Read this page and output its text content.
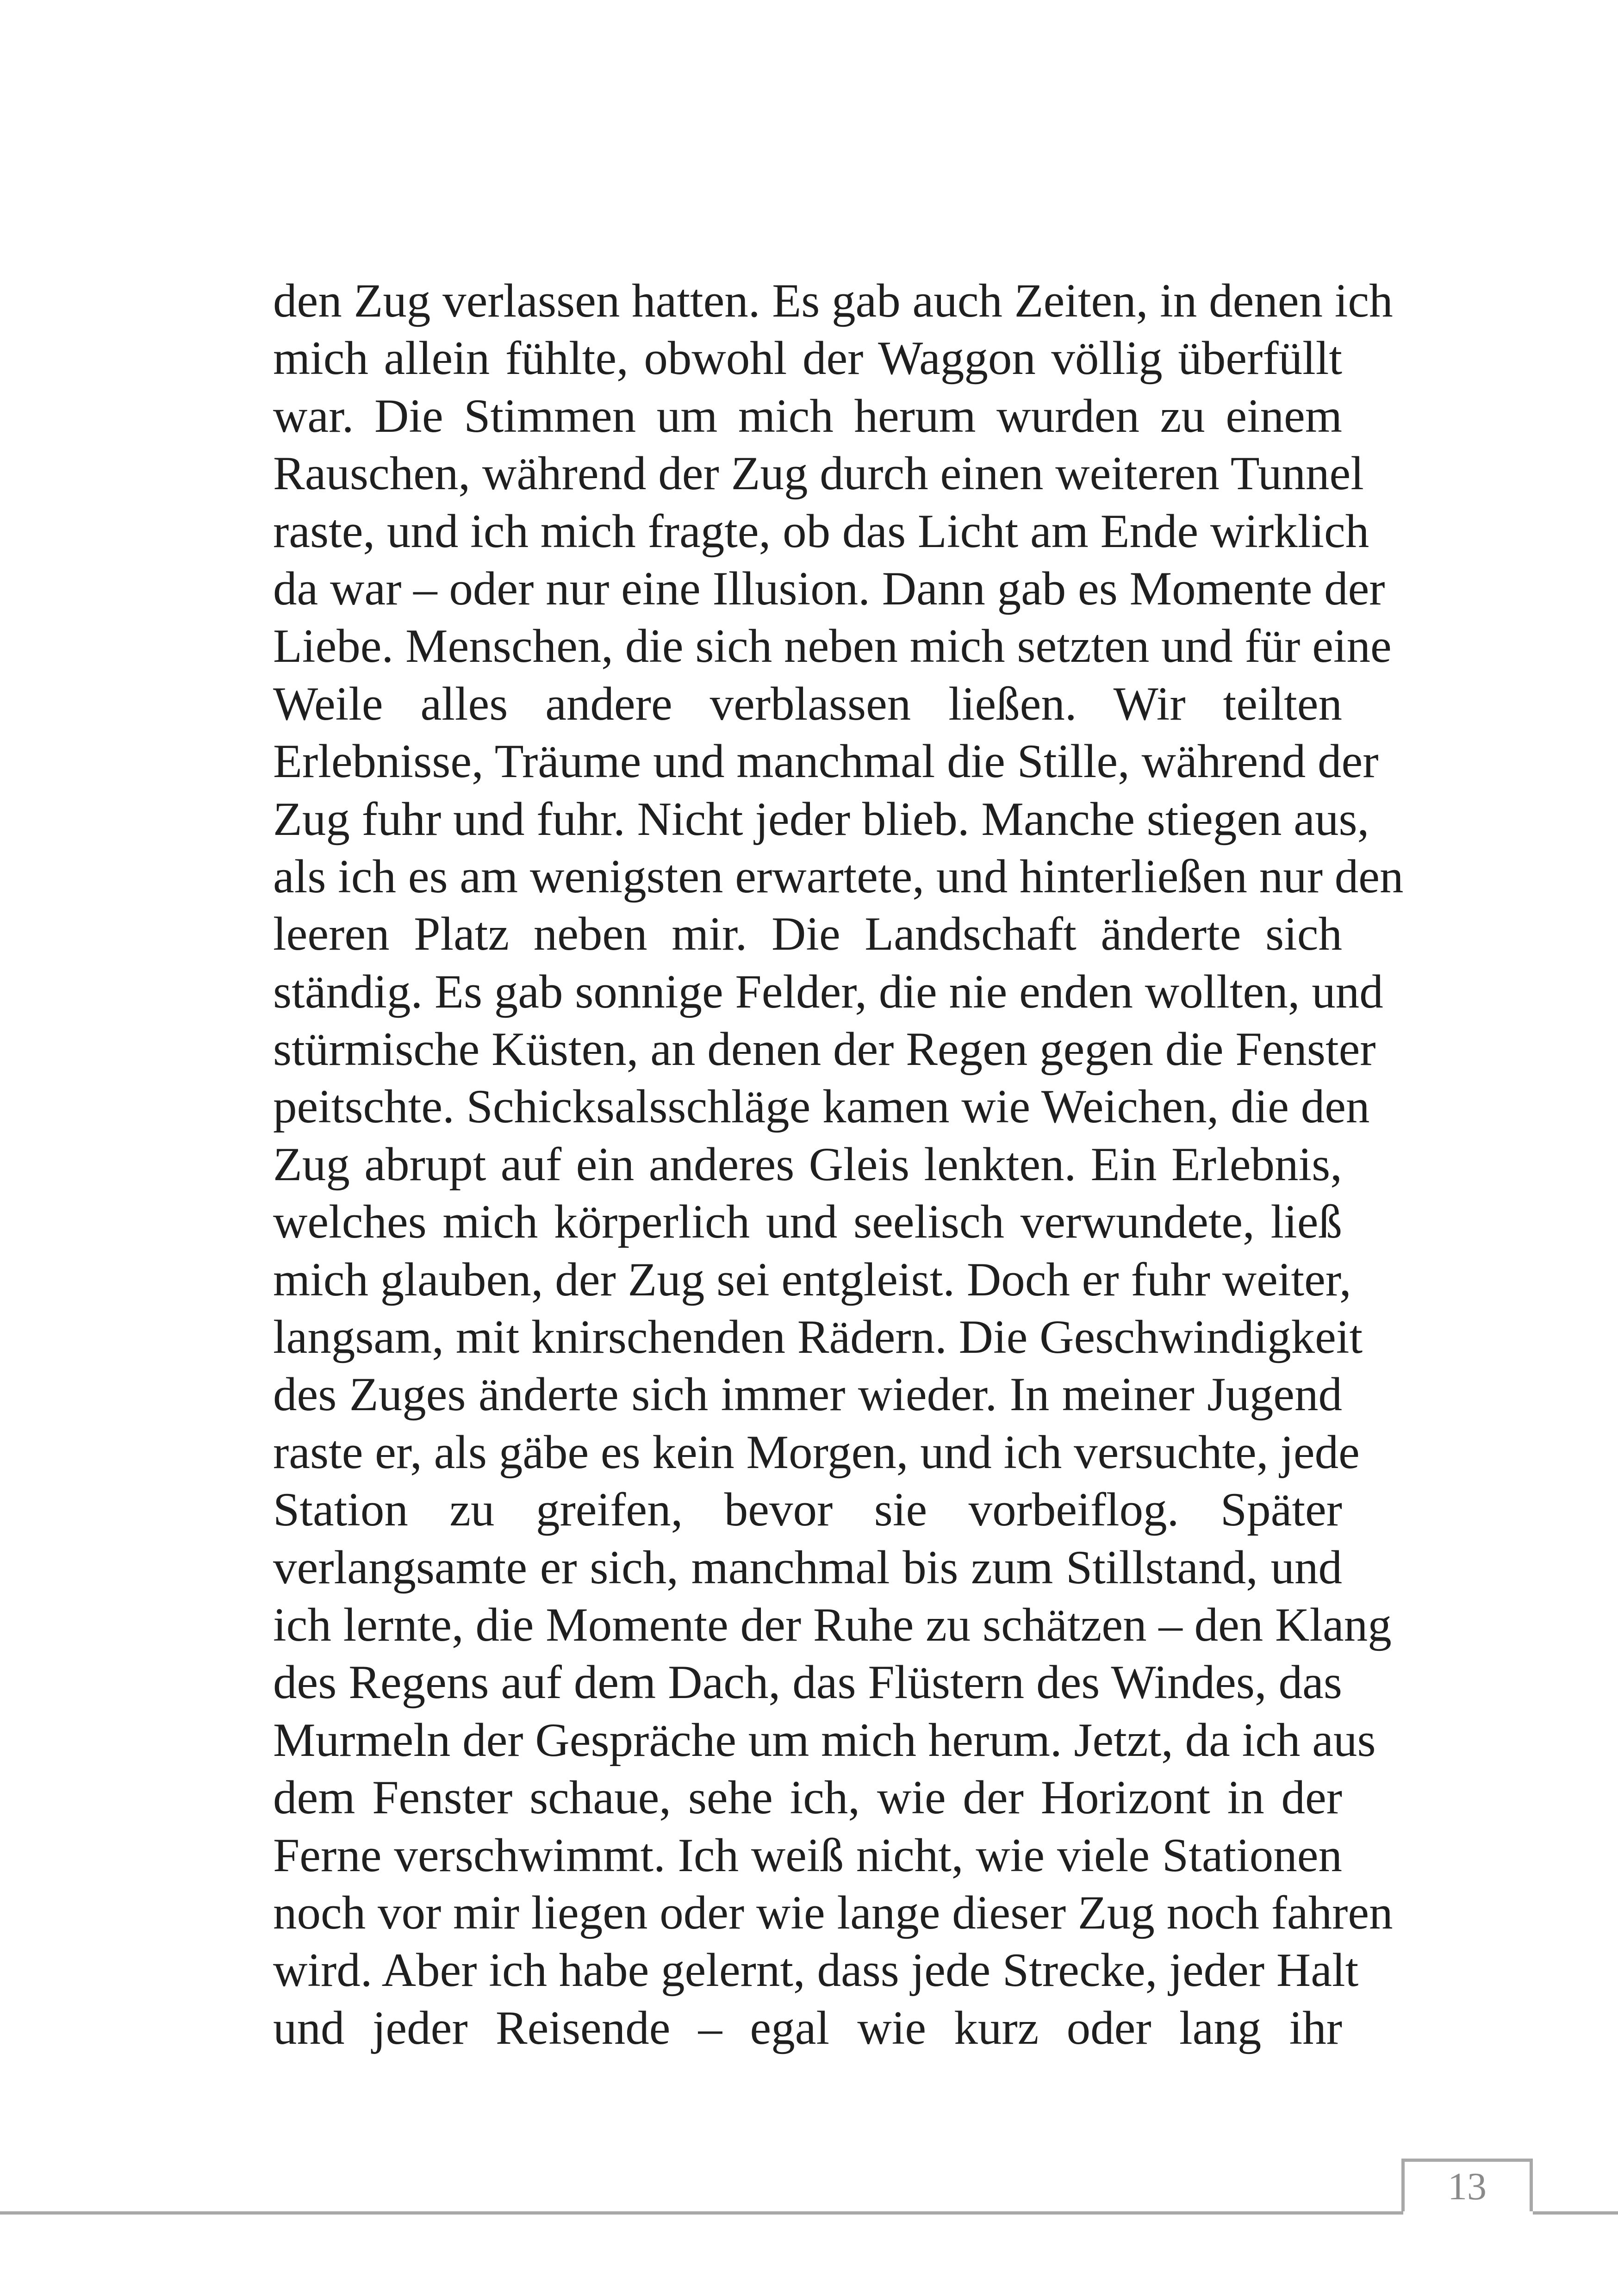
den Zug verlassen hatten. Es gab auch Zeiten, in denen ich
mich allein fühlte, obwohl der Waggon völlig überfüllt
war. Die Stimmen um mich herum wurden zu einem
Rauschen, während der Zug durch einen weiteren Tunnel
raste, und ich mich fragte, ob das Licht am Ende wirklich
da war – oder nur eine Illusion. Dann gab es Momente der
Liebe. Menschen, die sich neben mich setzten und für eine
Weile alles andere verblassen ließen. Wir teilten
Erlebnisse, Träume und manchmal die Stille, während der
Zug fuhr und fuhr. Nicht jeder blieb. Manche stiegen aus,
als ich es am wenigsten erwartete, und hinterließen nur den
leeren Platz neben mir. Die Landschaft änderte sich
ständig. Es gab sonnige Felder, die nie enden wollten, und
stürmische Küsten, an denen der Regen gegen die Fenster
peitschte. Schicksalsschläge kamen wie Weichen, die den
Zug abrupt auf ein anderes Gleis lenkten. Ein Erlebnis,
welches mich körperlich und seelisch verwundete, ließ
mich glauben, der Zug sei entgleist. Doch er fuhr weiter,
langsam, mit knirschenden Rädern. Die Geschwindigkeit
des Zuges änderte sich immer wieder. In meiner Jugend
raste er, als gäbe es kein Morgen, und ich versuchte, jede
Station zu greifen, bevor sie vorbeiflog. Später
verlangsamte er sich, manchmal bis zum Stillstand, und
ich lernte, die Momente der Ruhe zu schätzen – den Klang
des Regens auf dem Dach, das Flüstern des Windes, das
Murmeln der Gespräche um mich herum. Jetzt, da ich aus
dem Fenster schaue, sehe ich, wie der Horizont in der
Ferne verschwimmt. Ich weiß nicht, wie viele Stationen
noch vor mir liegen oder wie lange dieser Zug noch fahren
wird. Aber ich habe gelernt, dass jede Strecke, jeder Halt
und jeder Reisende – egal wie kurz oder lang ihr
13
